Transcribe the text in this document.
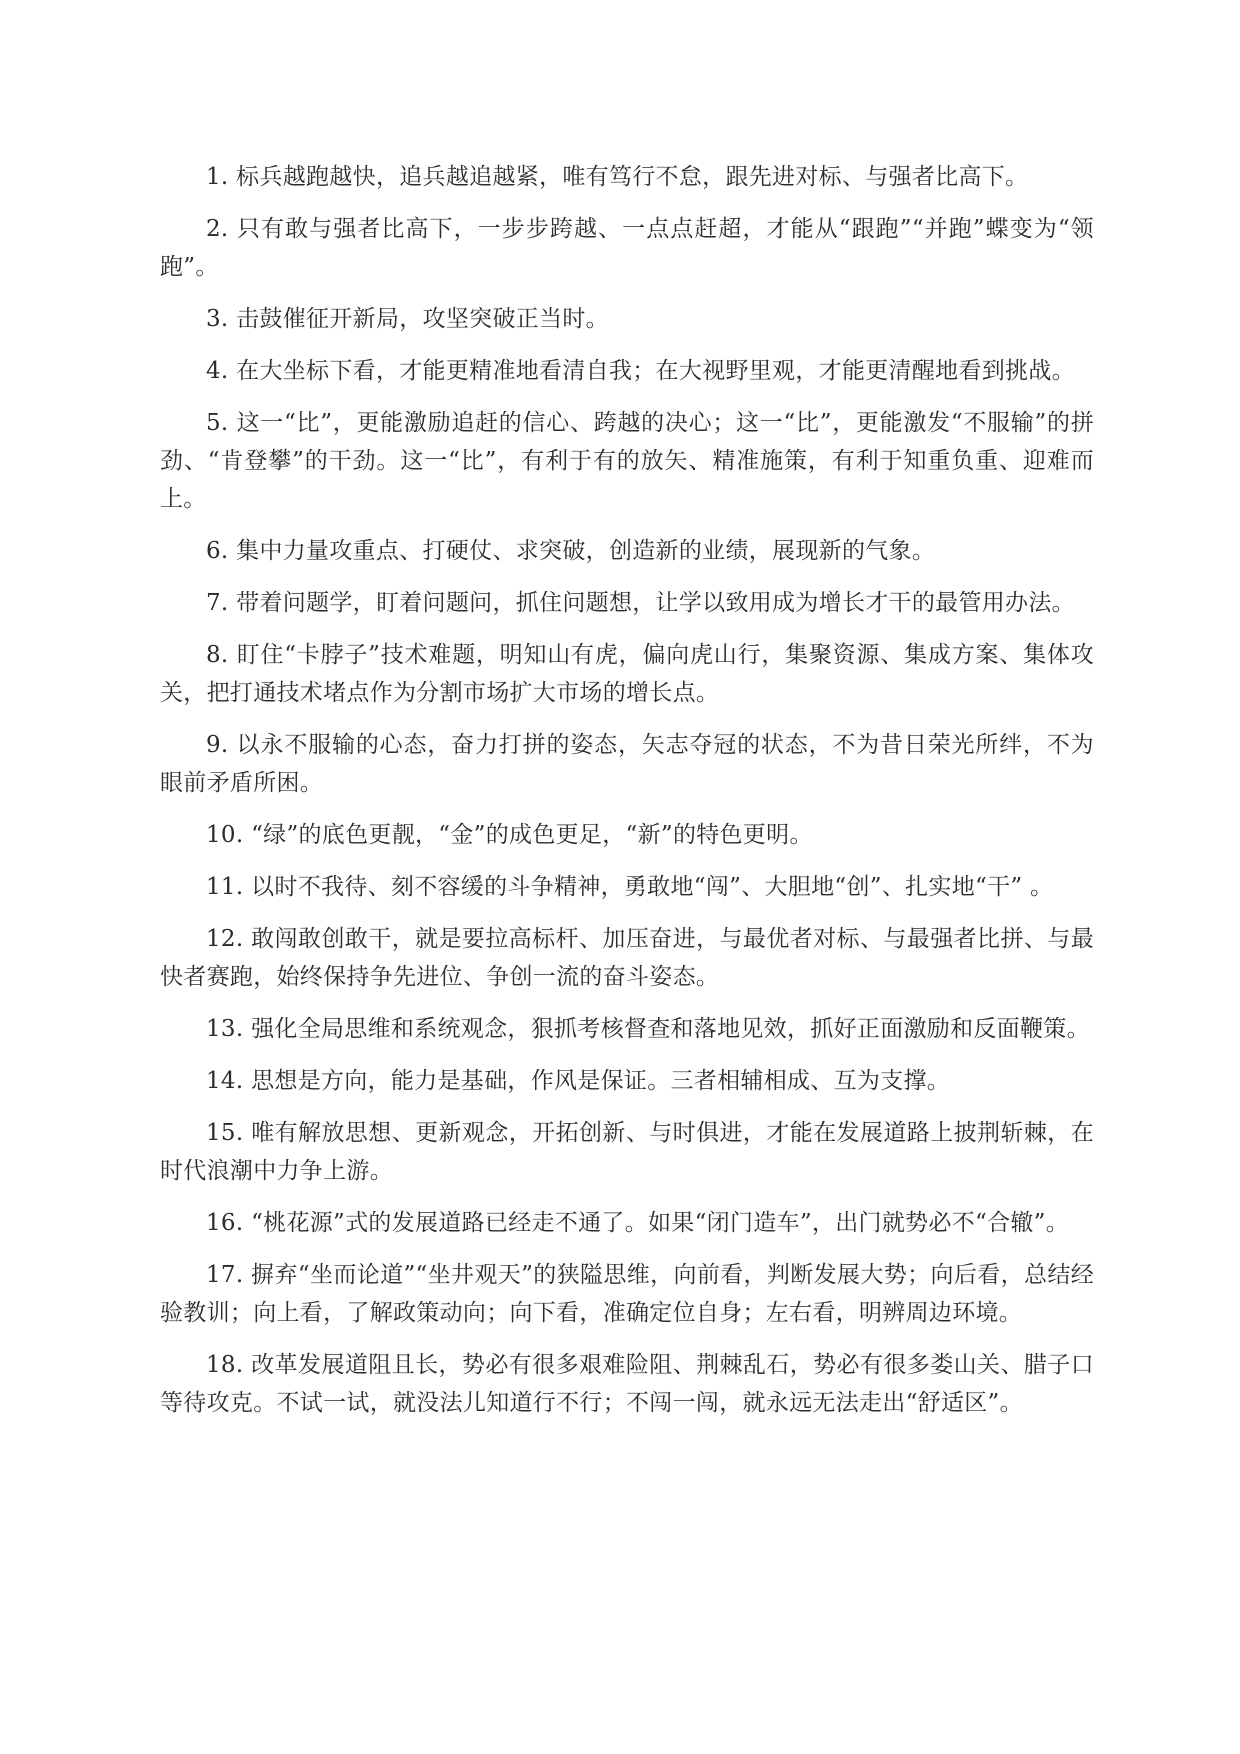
1. 标兵越跑越快，追兵越追越紧，唯有笃行不怠，跟先进对标、与强者比高下。

2. 只有敢与强者比高下，一步步跨越、一点点赶超，才能从“跟跑”“并跑”蝶变为“领跑”。

3. 击鼓催征开新局，攻坚突破正当时。

4. 在大坐标下看，才能更精准地看清自我；在大视野里观，才能更清醒地看到挑战。

5. 这一“比”，更能激励追赶的信心、跨越的决心；这一“比”，更能激发“不服输”的拼劲、“肯登攀”的干劲。这一“比”，有利于有的放矢、精准施策，有利于知重负重、迎难而上。

6. 集中力量攻重点、打硬仗、求突破，创造新的业绩，展现新的气象。

7. 带着问题学，盯着问题问，抓住问题想，让学以致用成为增长才干的最管用办法。

8. 盯住“卡脖子”技术难题，明知山有虎，偏向虎山行，集聚资源、集成方案、集体攻关，把打通技术堵点作为分割市场扩大市场的增长点。

9. 以永不服输的心态，奋力打拼的姿态，矢志夺冠的状态，不为昔日荣光所绊，不为眼前矛盾所困。

10. “绿”的底色更靓，“金”的成色更足，“新”的特色更明。

11. 以时不我待、刻不容缓的斗争精神，勇敢地“闯”、大胆地“创”、扎实地“干” 。

12. 敢闯敢创敢干，就是要拉高标杆、加压奋进，与最优者对标、与最强者比拼、与最快者赛跑，始终保持争先进位、争创一流的奋斗姿态。

13. 强化全局思维和系统观念，狠抓考核督查和落地见效，抓好正面激励和反面鞭策。

14. 思想是方向，能力是基础，作风是保证。三者相辅相成、互为支撑。

15. 唯有解放思想、更新观念，开拓创新、与时俱进，才能在发展道路上披荆斩棘，在时代浪潮中力争上游。

16. “桃花源”式的发展道路已经走不通了。如果“闭门造车”，出门就势必不“合辙”。

17. 摒弃“坐而论道”“坐井观天”的狭隘思维，向前看，判断发展大势；向后看，总结经验教训；向上看，了解政策动向；向下看，准确定位自身；左右看，明辨周边环境。

18. 改革发展道阻且长，势必有很多艰难险阻、荆棘乱石，势必有很多娄山关、腊子口等待攻克。不试一试，就没法儿知道行不行；不闯一闯，就永远无法走出“舒适区”。
